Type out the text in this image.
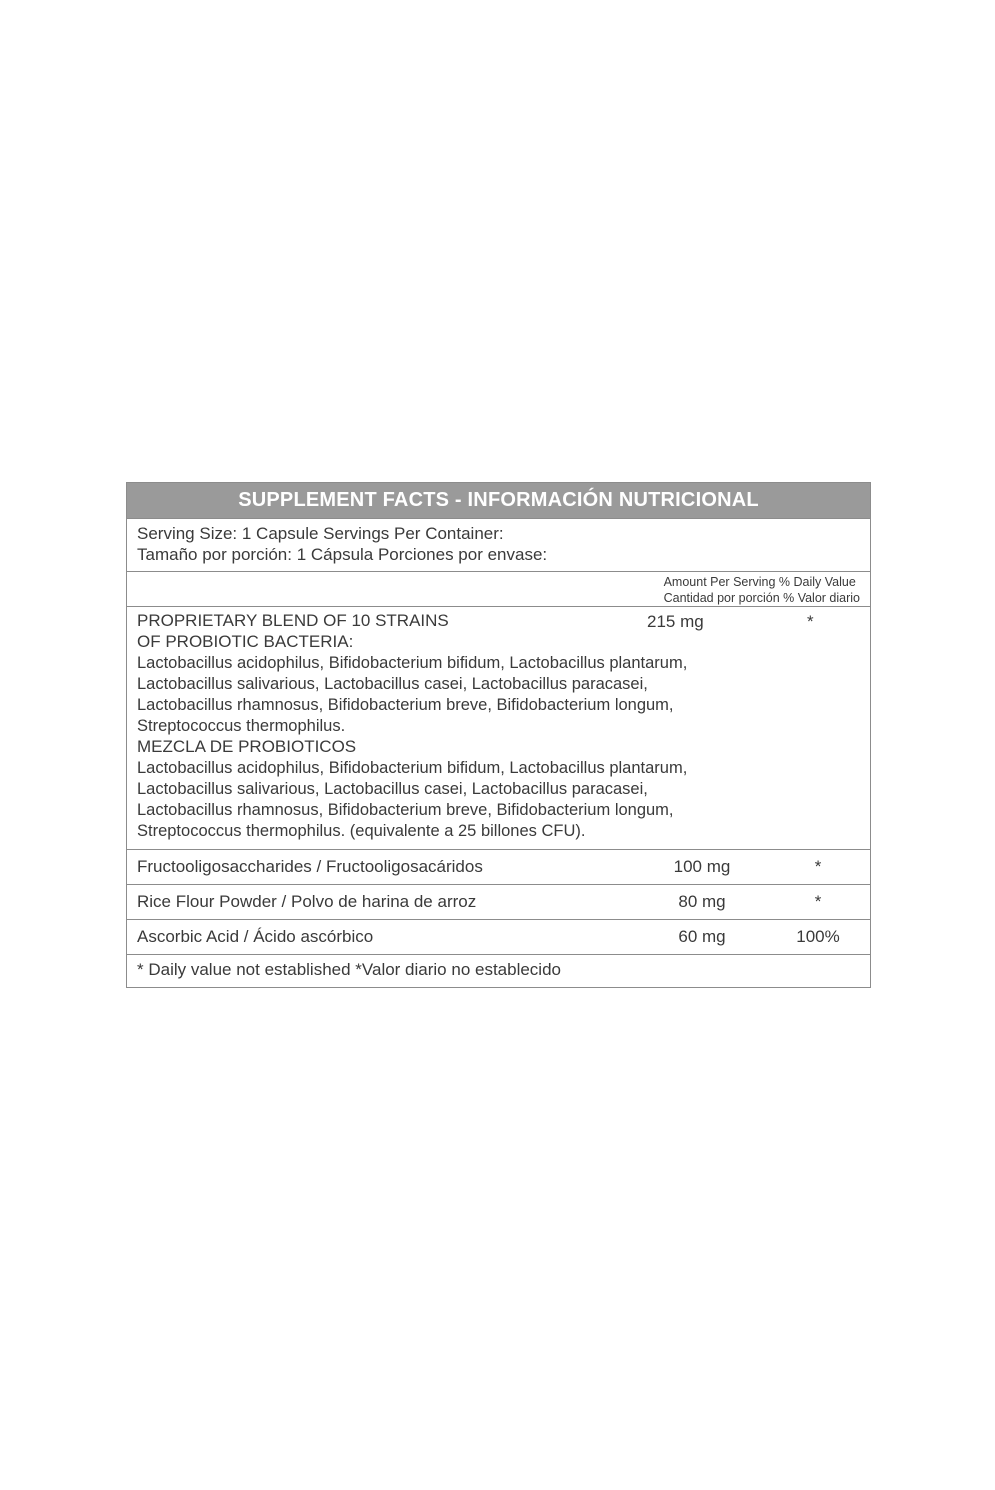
SUPPLEMENT FACTS - INFORMACIÓN NUTRICIONAL
Serving Size: 1 Capsule Servings Per Container:
Tamaño por porción: 1 Cápsula Porciones por envase:
Amount Per Serving % Daily Value
Cantidad por porción % Valor diario
PROPRIETARY BLEND OF 10 STRAINS
OF PROBIOTIC BACTERIA:
215 mg	*
Lactobacillus acidophilus, Bifidobacterium bifidum, Lactobacillus plantarum,
Lactobacillus salivarious, Lactobacillus casei, Lactobacillus paracasei,
Lactobacillus rhamnosus, Bifidobacterium breve, Bifidobacterium longum,
Streptococcus thermophilus.
MEZCLA DE PROBIOTICOS
Lactobacillus acidophilus, Bifidobacterium bifidum, Lactobacillus plantarum,
Lactobacillus salivarious, Lactobacillus casei, Lactobacillus paracasei,
Lactobacillus rhamnosus, Bifidobacterium breve, Bifidobacterium longum,
Streptococcus thermophilus. (equivalente a 25 billones CFU).
Fructooligosaccharides / Fructooligosacáridos	100 mg	*
Rice Flour Powder / Polvo de harina de arroz	80 mg	*
Ascorbic Acid / Ácido ascórbico	60 mg	100%
* Daily value not established *Valor diario no establecido
